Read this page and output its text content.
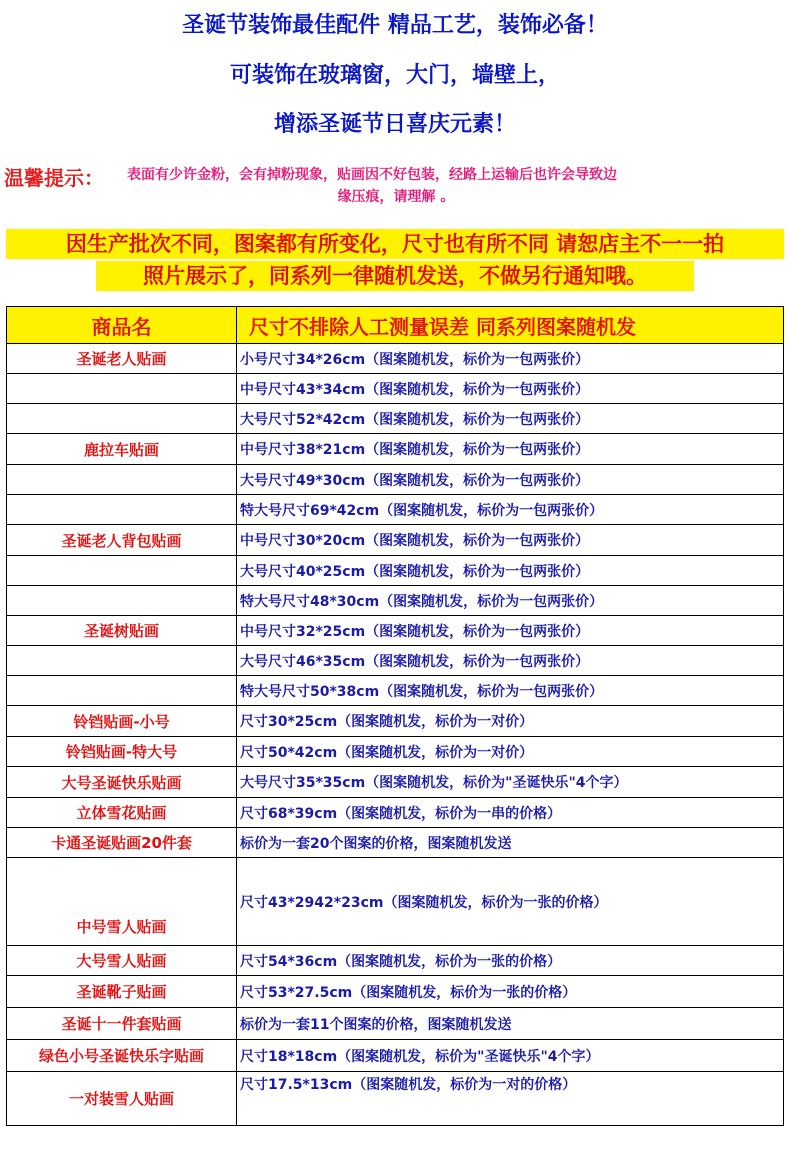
圣诞节装饰最佳配件 精品工艺，装饰必备！
可装饰在玻璃窗，大门，墙壁上，
增添圣诞节日喜庆元素！
温馨提示： 表面有少许金粉，会有掉粉现象，贴画因不好包装，经路上运输后也许会导致边
缘压痕，请理解 。
因生产批次不同，图案都有所变化，尺寸也有所不同 请恕店主不一一拍
照片展示了，同系列一律随机发送，不做另行通知哦。
商品名	尺寸不排除人工测量误差 同系列图案随机发
圣诞老人贴画	小号尺寸34*26cm（图案随机发，标价为一包两张价）
	中号尺寸43*34cm（图案随机发，标价为一包两张价）
	大号尺寸52*42cm（图案随机发，标价为一包两张价）
鹿拉车贴画	中号尺寸38*21cm（图案随机发，标价为一包两张价）
	大号尺寸49*30cm（图案随机发，标价为一包两张价）
	特大号尺寸69*42cm（图案随机发，标价为一包两张价）
圣诞老人背包贴画	中号尺寸30*20cm（图案随机发，标价为一包两张价）
	大号尺寸40*25cm（图案随机发，标价为一包两张价）
	特大号尺寸48*30cm（图案随机发，标价为一包两张价）
圣诞树贴画	中号尺寸32*25cm（图案随机发，标价为一包两张价）
	大号尺寸46*35cm（图案随机发，标价为一包两张价）
	特大号尺寸50*38cm（图案随机发，标价为一包两张价）
铃铛贴画-小号	尺寸30*25cm（图案随机发，标价为一对价）
铃铛贴画-特大号	尺寸50*42cm（图案随机发，标价为一对价）
大号圣诞快乐贴画	大号尺寸35*35cm（图案随机发，标价为"圣诞快乐"4个字）
立体雪花贴画	尺寸68*39cm（图案随机发，标价为一串的价格）
卡通圣诞贴画20件套	标价为一套20个图案的价格，图案随机发送
中号雪人贴画	尺寸43*2942*23cm（图案随机发，标价为一张的价格）
大号雪人贴画	尺寸54*36cm（图案随机发，标价为一张的价格）
圣诞靴子贴画	尺寸53*27.5cm（图案随机发，标价为一张的价格）
圣诞十一件套贴画	标价为一套11个图案的价格，图案随机发送
绿色小号圣诞快乐字贴画	尺寸18*18cm（图案随机发，标价为"圣诞快乐"4个字）
一对装雪人贴画	尺寸17.5*13cm（图案随机发，标价为一对的价格）
